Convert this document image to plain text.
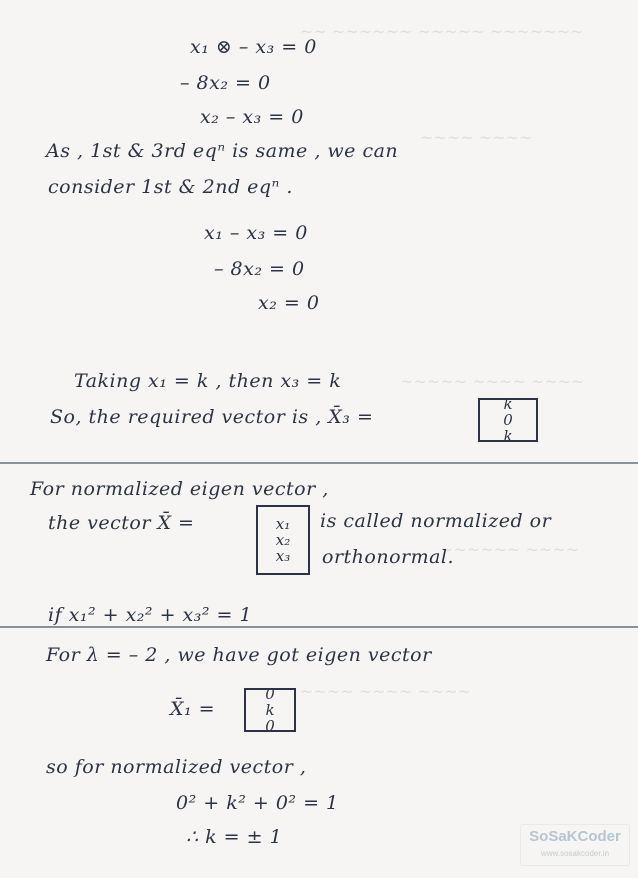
~~ ~~~~~~ ~~~~~ ~~~~~~~
~~~~ ~~~~
~~~~~ ~~~~ ~~~~
~~~~~~ ~~~~
~~~~ ~~~~ ~~~~
x₁ ⊗ – x₃ = 0
– 8x₂ = 0
x₂ – x₃ = 0
As , 1st & 3rd eqⁿ is same , we can
consider 1st & 2nd eqⁿ .
x₁ – x₃ = 0
– 8x₂ = 0
x₂ = 0
Taking x₁ = k , then x₃ = k
So, the required vector is , X̄₃ =
k
0
k
For normalized eigen vector ,
the vector X̄ =	x₁
x₂
x₃
is called normalized or
orthonormal.
if x₁² + x₂² + x₃² = 1
For λ = – 2 , we have got eigen vector
X̄₁ =
0
k
0
so for normalized vector ,
0² + k² + 0² = 1
∴ k = ± 1	SoSaKCoder
www.sosakcoder.in
